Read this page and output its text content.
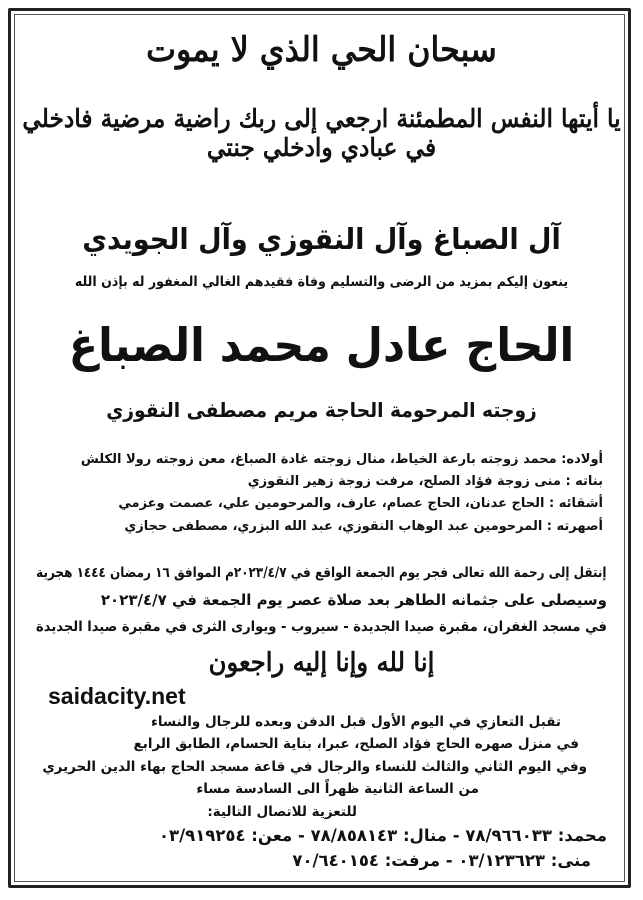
سبحان الحي الذي لا يموت
يا أيتها النفس المطمئنة ارجعي إلى ربك راضية مرضية فادخلي في عبادي وادخلي جنتي
آل الصباغ وآل النقوزي وآل الجويدي
ينعون إليكم بمزيد من الرضى والتسليم وفاة فقيدهم الغالي المغفور له بإذن الله
الحاج عادل محمد الصباغ
زوجته المرحومة الحاجة مريم مصطفى النقوزي
أولاده: محمد زوجته بارعة الخياط، منال زوجته غادة الصباغ، معن زوجته رولا الكلش
بناته : منى زوجة فؤاد الصلح، مرفت زوجة زهير النقوزي
أشقائه : الحاج عدنان، الحاج عصام، عارف، والمرحومين علي، عصمت وعزمي
أصهرته : المرحومين عبد الوهاب النقوزي، عبد الله البزري، مصطفى حجازي
إنتقل إلى رحمة الله تعالى فجر يوم الجمعة الواقع في ٢٠٢٣/٤/٧م الموافق ١٦ رمضان ١٤٤٤ هجرية
وسيصلى على جثمانه الطاهر بعد صلاة عصر يوم الجمعة في ٢٠٢٣/٤/٧
في مسجد الغفران، مقبرة صيدا الجديدة - سيروب - ويوارى الثرى في مقبرة صيدا الجديدة
إنا لله وإنا إليه راجعون
saidacity.net
تقبل التعازي في اليوم الأول قبل الدفن وبعده للرجال والنساء
في منزل صهره الحاج فؤاد الصلح، عبرا، بناية الحسام، الطابق الرابع
وفي اليوم الثاني والثالث للنساء والرجال في قاعة مسجد الحاج بهاء الدين الحريري
من الساعة الثانية ظهراً الى السادسة مساء
للتعزية للاتصال التالية:
محمد: ٧٨/٩٦٦٠٣٣ - منال: ٧٨/٨٥٨١٤٣ - معن: ٠٣/٩١٩٢٥٤
منى: ٠٣/١٢٣٦٢٣ - مرفت: ٧٠/٦٤٠١٥٤
